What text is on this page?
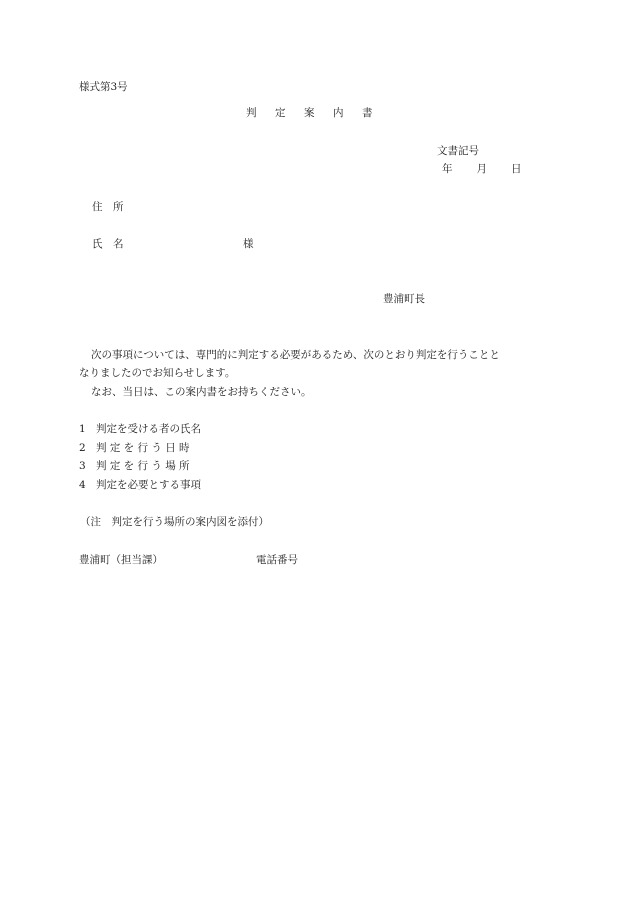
様式第3号
判　定　案　内　書
文書記号
年　　月　　日
住　所
氏　名	様
豊浦町長
次の事項については、専門的に判定する必要があるため、次のとおり判定を行うことと
なりましたのでお知らせします。
なお、当日は、この案内書をお持ちください。
1 判定を受ける者の氏名
2 判 定 を 行 う 日 時
3 判 定 を 行 う 場 所
4 判定を必要とする事項
（注　判定を行う場所の案内図を添付）
豊浦町（担当課）	電話番号
